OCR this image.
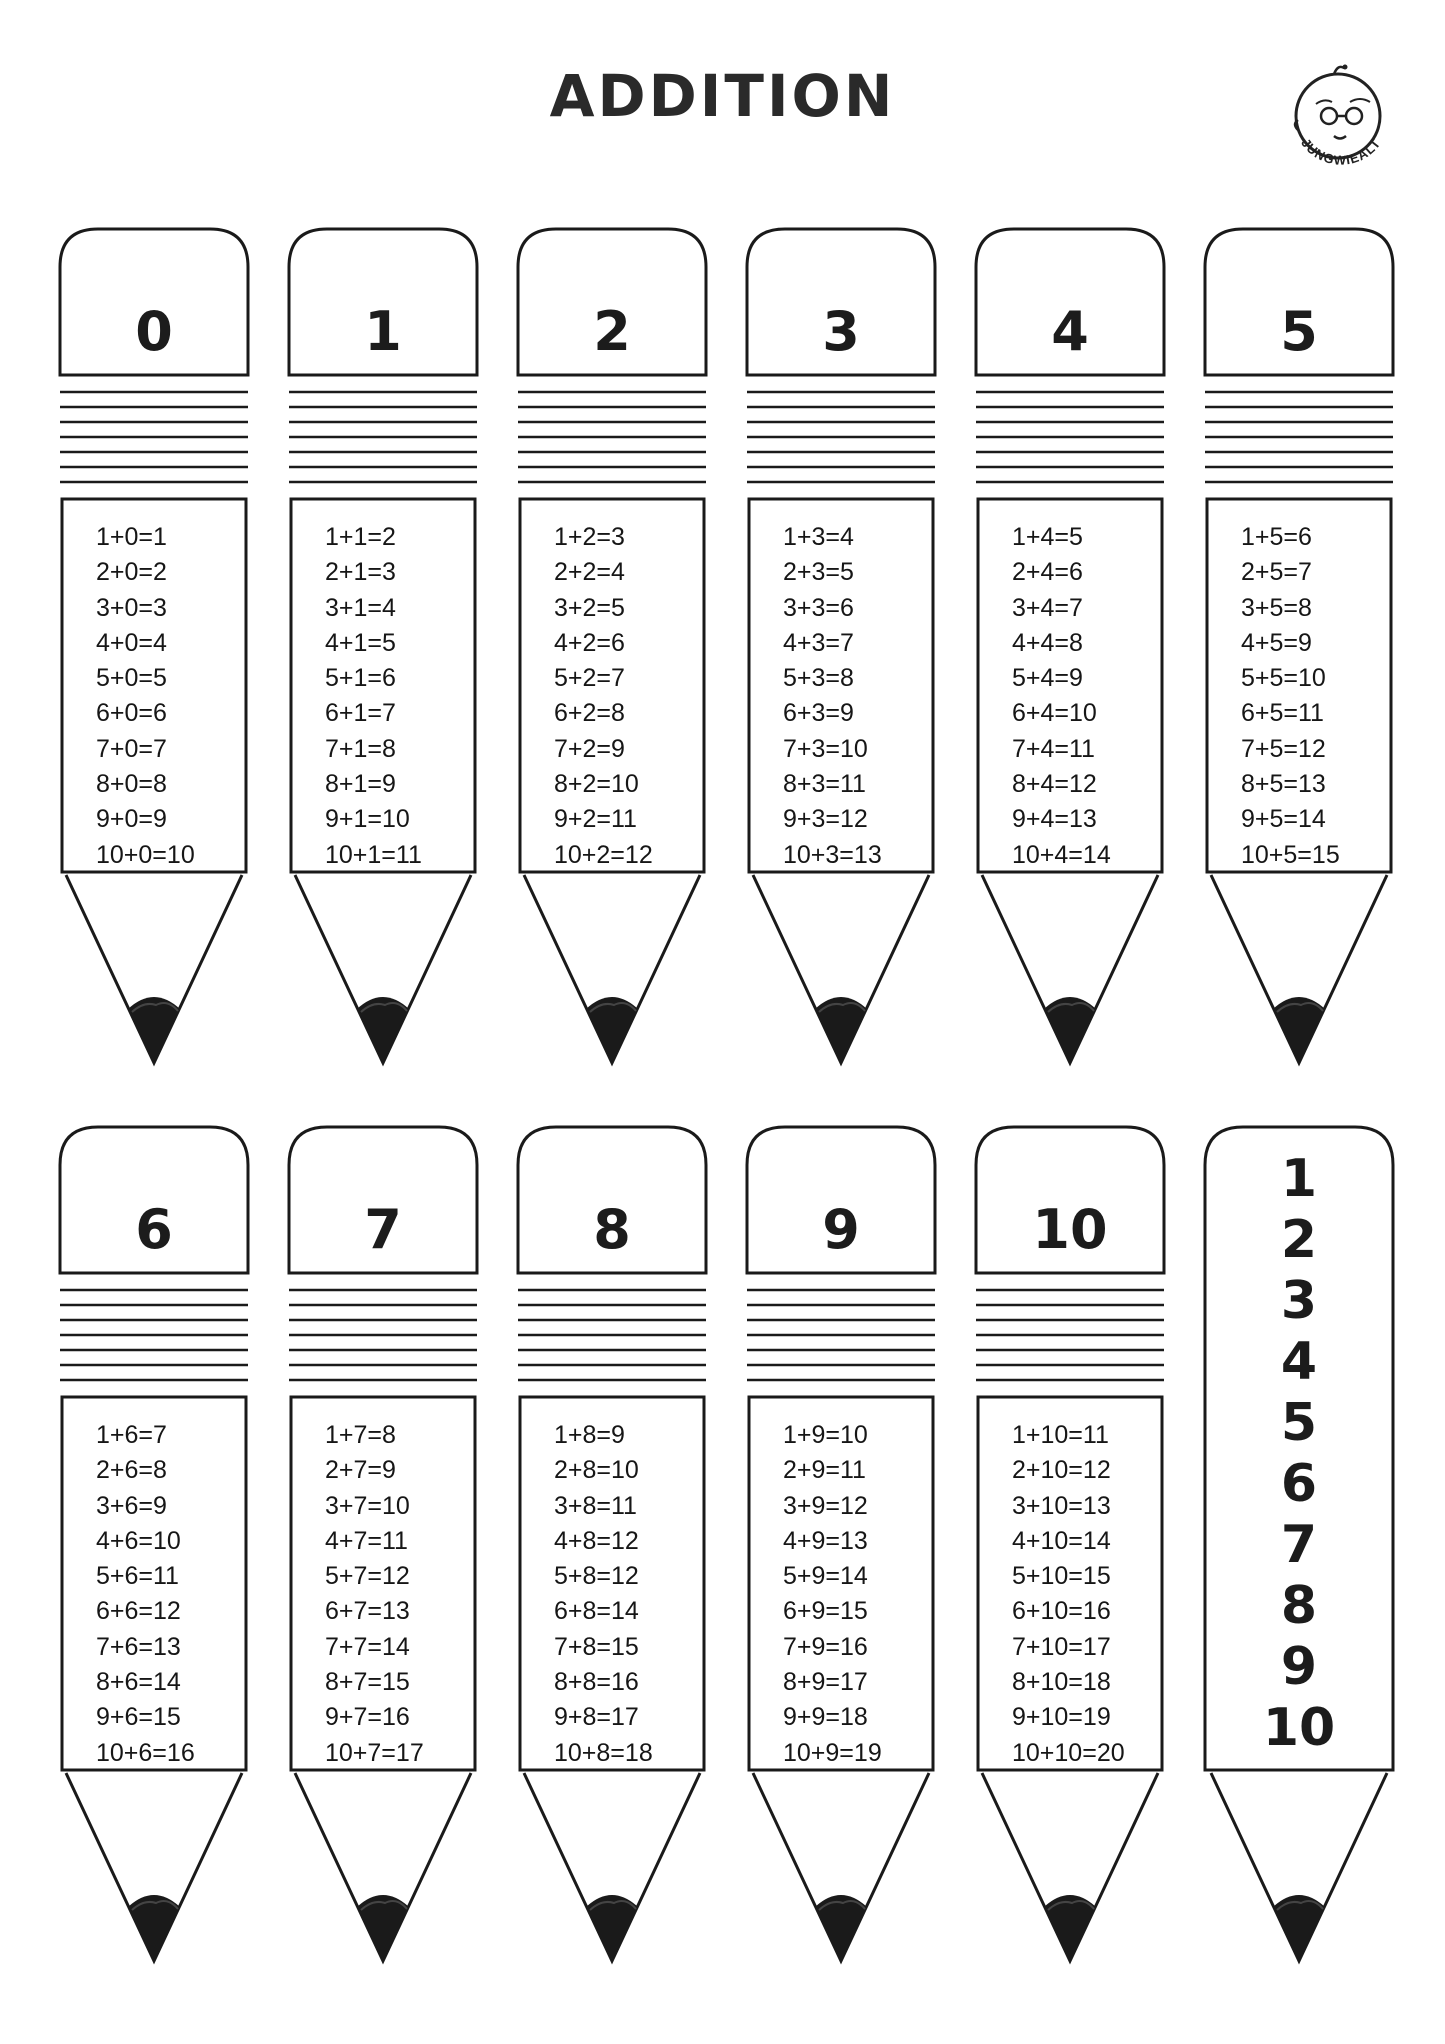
ADDITION
JUNGWIEALT
0
1+0=1
2+0=2
3+0=3
4+0=4
5+0=5
6+0=6
7+0=7
8+0=8
9+0=9
10+0=10
1
1+1=2
2+1=3
3+1=4
4+1=5
5+1=6
6+1=7
7+1=8
8+1=9
9+1=10
10+1=11
2
1+2=3
2+2=4
3+2=5
4+2=6
5+2=7
6+2=8
7+2=9
8+2=10
9+2=11
10+2=12
3
1+3=4
2+3=5
3+3=6
4+3=7
5+3=8
6+3=9
7+3=10
8+3=11
9+3=12
10+3=13
4
1+4=5
2+4=6
3+4=7
4+4=8
5+4=9
6+4=10
7+4=11
8+4=12
9+4=13
10+4=14
5
1+5=6
2+5=7
3+5=8
4+5=9
5+5=10
6+5=11
7+5=12
8+5=13
9+5=14
10+5=15
6
1+6=7
2+6=8
3+6=9
4+6=10
5+6=11
6+6=12
7+6=13
8+6=14
9+6=15
10+6=16
7
1+7=8
2+7=9
3+7=10
4+7=11
5+7=12
6+7=13
7+7=14
8+7=15
9+7=16
10+7=17
8
1+8=9
2+8=10
3+8=11
4+8=12
5+8=12
6+8=14
7+8=15
8+8=16
9+8=17
10+8=18
9
1+9=10
2+9=11
3+9=12
4+9=13
5+9=14
6+9=15
7+9=16
8+9=17
9+9=18
10+9=19
10
1+10=11
2+10=12
3+10=13
4+10=14
5+10=15
6+10=16
7+10=17
8+10=18
9+10=19
10+10=20
1
2
3
4
5
6
7
8
9
10
